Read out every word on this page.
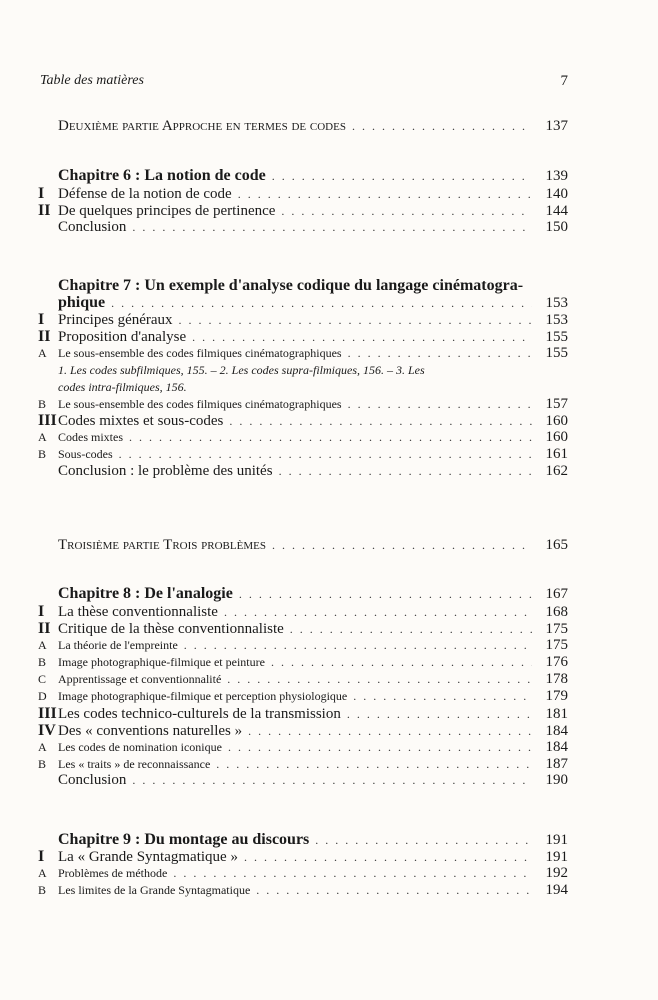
Table des matières	7
Deuxième partie Approche en termes de codes . . .	137
Chapitre 6 : La notion de code . . .	139
I Défense de la notion de code . . .	140
II De quelques principes de pertinence . . .	144
Conclusion . . .	150
Chapitre 7 : Un exemple d'analyse codique du langage cinématogra-
phique . . .	153
I Principes généraux . . .	153
II Proposition d'analyse . . .	155
A Le sous-ensemble des codes filmiques cinématographiques . . .	155
1. Les codes subfilmiques, 155. – 2. Les codes supra-filmiques, 156. – 3. Les
codes intra-filmiques, 156.
B Le sous-ensemble des codes filmiques cinématographiques . . .	157
III Codes mixtes et sous-codes . . .	160
A Codes mixtes . . .	160
B Sous-codes . . .	161
Conclusion : le problème des unités . . .	162
Troisième partie Trois problèmes . . .	165
Chapitre 8 : De l'analogie . . .	167
I La thèse conventionnaliste . . .	168
II Critique de la thèse conventionnaliste . . .	175
A La théorie de l'empreinte . . .	175
B Image photographique-filmique et peinture . . .	176
C Apprentissage et conventionnalité . . .	178
D Image photographique-filmique et perception physiologique . . .	179
III Les codes technico-culturels de la transmission . . .	181
IV Des « conventions naturelles » . . .	184
A Les codes de nomination iconique . . .	184
B Les « traits » de reconnaissance . . .	187
Conclusion . . .	190
Chapitre 9 : Du montage au discours . . .	191
I La « Grande Syntagmatique » . . .	191
A Problèmes de méthode . . .	192
B Les limites de la Grande Syntagmatique . . .	194
